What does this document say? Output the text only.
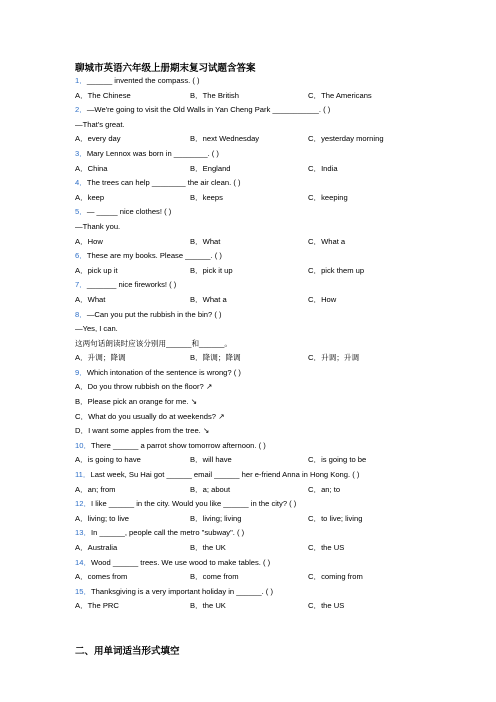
聊城市英语六年级上册期末复习试题含答案
1．______ invented the compass. ( )
A．The Chinese	B．The British	C．The Americans
2．—We're going to visit the Old Walls in Yan Cheng Park ___________. ( )
—That's great.
A．every day	B．next Wednesday	C．yesterday morning
3．Mary Lennox was born in ________. ( )
A．China	B．England	C．India
4．The trees can help ________ the air clean. ( )
A．keep	B．keeps	C．keeping
5．— _____ nice clothes! ( )
—Thank you.
A．How	B．What	C．What a
6．These are my books. Please ______. ( )
A．pick up it	B．pick it up	C．pick them up
7．_______ nice fireworks! ( )
A．What	B．What a	C．How
8．—Can you put the rubbish in the bin? ( )
—Yes, I can.
这两句话朗读时应该分别用______和______。
A．升调；降调	B．降调；降调	C．升调；升调
9．Which intonation of the sentence is wrong? ( )
A．Do you throw rubbish on the floor? ↗
B．Please pick an orange for me. ↘
C．What do you usually do at weekends? ↗
D．I want some apples from the tree. ↘
10．There ______ a parrot show tomorrow afternoon. ( )
A．is going to have	B．will have	C．is going to be
11．Last week, Su Hai got ______ email ______ her e-friend Anna in Hong Kong. ( )
A．an; from	B．a; about	C．an; to
12．I like ______ in the city. Would you like ______ in the city? ( )
A．living; to live	B．living; living	C．to live; living
13．In ______, people call the metro "subway". ( )
A．Australia	B．the UK	C．the US
14．Wood ______ trees. We use wood to make tables. ( )
A．comes from	B．come from	C．coming from
15．Thanksgiving is a very important holiday in ______. ( )
A．The PRC	B．the UK	C．the US
二、用单词适当形式填空
